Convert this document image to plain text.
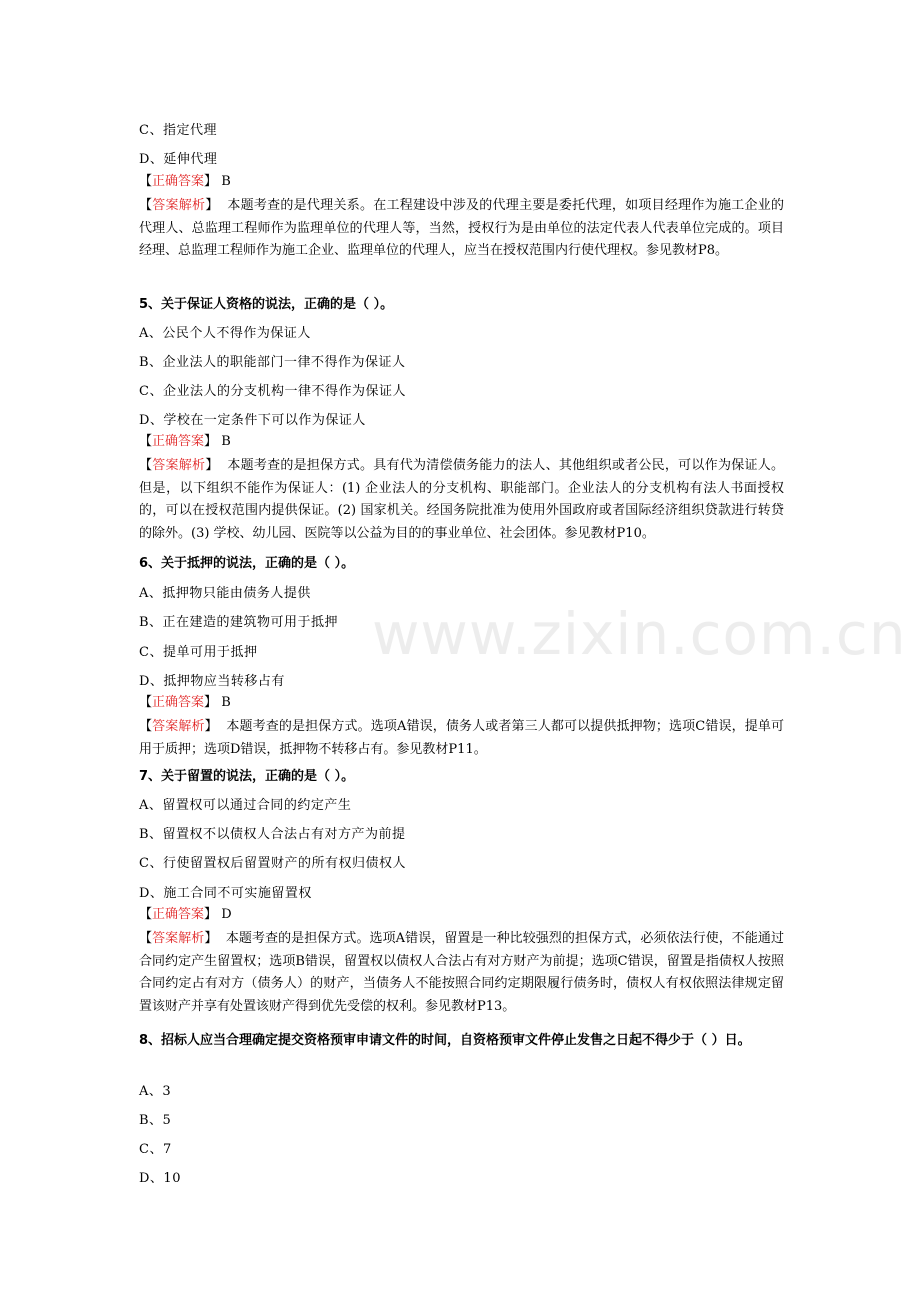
www.zixin.com.cn
C、指定代理
D、延伸代理
【正确答案】 B
【答案解析】 本题考查的是代理关系。在工程建设中涉及的代理主要是委托代理，如项目经理作为施工企业的代理人、总监理工程师作为监理单位的代理人等，当然，授权行为是由单位的法定代表人代表单位完成的。项目经理、总监理工程师作为施工企业、监理单位的代理人，应当在授权范围内行使代理权。参见教材P8。
5、关于保证人资格的说法，正确的是（ ）。
A、公民个人不得作为保证人
B、企业法人的职能部门一律不得作为保证人
C、企业法人的分支机构一律不得作为保证人
D、学校在一定条件下可以作为保证人
【正确答案】 B
【答案解析】 本题考查的是担保方式。具有代为清偿债务能力的法人、其他组织或者公民，可以作为保证人。但是，以下组织不能作为保证人：(1) 企业法人的分支机构、职能部门。企业法人的分支机构有法人书面授权的，可以在授权范围内提供保证。(2) 国家机关。经国务院批准为使用外国政府或者国际经济组织贷款进行转贷的除外。(3) 学校、幼儿园、医院等以公益为目的的事业单位、社会团体。参见教材P10。
6、关于抵押的说法，正确的是（ ）。
A、抵押物只能由债务人提供
B、正在建造的建筑物可用于抵押
C、提单可用于抵押
D、抵押物应当转移占有
【正确答案】 B
【答案解析】 本题考查的是担保方式。选项A错误，债务人或者第三人都可以提供抵押物；选项C错误，提单可用于质押；选项D错误，抵押物不转移占有。参见教材P11。
7、关于留置的说法，正确的是（ ）。
A、留置权可以通过合同的约定产生
B、留置权不以债权人合法占有对方产为前提
C、行使留置权后留置财产的所有权归债权人
D、施工合同不可实施留置权
【正确答案】 D
【答案解析】 本题考查的是担保方式。选项A错误，留置是一种比较强烈的担保方式，必须依法行使，不能通过合同约定产生留置权；选项B错误，留置权以债权人合法占有对方财产为前提；选项C错误，留置是指债权人按照合同约定占有对方（债务人）的财产，当债务人不能按照合同约定期限履行债务时，债权人有权依照法律规定留置该财产并享有处置该财产得到优先受偿的权利。参见教材P13。
8、招标人应当合理确定提交资格预审申请文件的时间，自资格预审文件停止发售之日起不得少于（ ）日。
A、3
B、5
C、7
D、10
